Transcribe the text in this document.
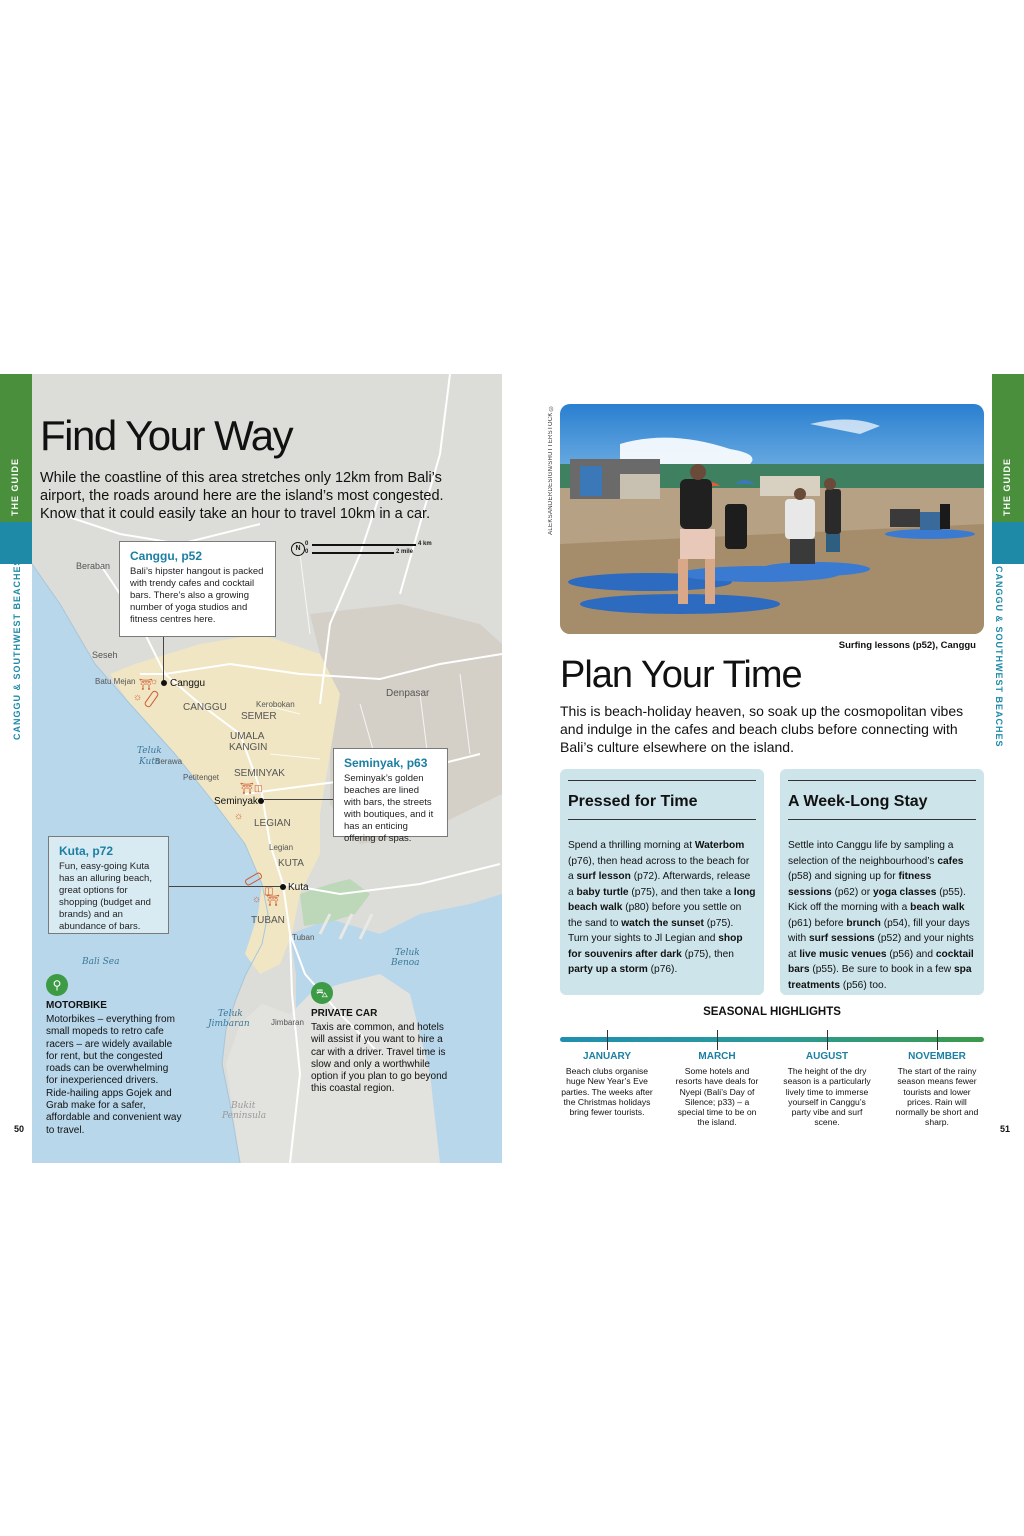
THE GUIDE
CANGGU & SOUTHWEST BEACHES
Find Your Way
While the coastline of this area stretches only 12km from Bali’s airport, the roads around here are the island’s most congested. Know that it could easily take an hour to travel 10km in a car.
N
0
0
4 km
2 mile
Canggu, p52
Bali’s hipster hangout is packed with trendy cafes and cocktail bars. There’s also a growing number of yoga studios and fitness centres here.
Seminyak, p63
Seminyak’s golden beaches are lined with bars, the streets with boutiques, and it has an enticing offering of spas.
Kuta, p72
Fun, easy-going Kuta has an alluring beach, great options for shopping (budget and brands) and an abundance of bars.
Beraban
Seseh
Batu Mejan	Canggu
CANGGU	Kerobokan
SEMER
Denpasar
Berawa
UMALA
KANGIN
Teluk
Kuta
Petitenget SEMINYAK
Seminyak
LEGIAN
Legian
KUTA
Kuta
TUBAN
Tuban
Bali Sea
Teluk
Benoa
Teluk
Jimbaran	Jimbaran
Bukit
Peninsula
⛩
☼
☼
⛩ ◫
☼
◫
☼ ⛩
⚲
MOTORBIKE
Motorbikes – everything from small mopeds to retro cafe racers – are widely available for rent, but the congested roads can be overwhelming for inexperienced drivers. Ride-hailing apps Gojek and Grab make for a safer, affordable and convenient way to travel.
⛍
PRIVATE CAR
Taxis are common, and hotels will assist if you want to hire a car with a driver. Travel time is slow and only a worthwhile option if you plan to go beyond this coastal region.
50
THE GUIDE
CANGGU & SOUTHWEST BEACHES
ALEKSANDERDESIGN/SHUTTERSTOCK ©
Surfing lessons (p52), Canggu
Plan Your Time
This is beach-holiday heaven, so soak up the cosmopolitan vibes and indulge in the cafes and beach clubs before connecting with Bali’s culture elsewhere on the island.
Pressed for Time

Spend a thrilling morning at Waterbom (p76), then head across to the beach for a surf lesson (p72). Afterwards, release a baby turtle (p75), and then take a long beach walk (p80) before you settle on the sand to watch the sunset (p75). Turn your sights to Jl Legian and shop for souvenirs after dark (p75), then party up a storm (p76).

A Week-Long Stay

Settle into Canggu life by sampling a selection of the neighbourhood’s cafes (p58) and signing up for fitness sessions (p62) or yoga classes (p55). Kick off the morning with a beach walk (p61) before brunch (p54), fill your days with surf sessions (p52) and your nights at live music venues (p56) and cocktail bars (p55). Be sure to book in a few spa treatments (p56) too.

SEASONAL HIGHLIGHTS
JANUARY
Beach clubs organise huge New Year’s Eve parties. The weeks after the Christmas holidays bring fewer tourists.
MARCH
Some hotels and resorts have deals for Nyepi (Bali’s Day of Silence; p33) – a special time to be on the island.
AUGUST
The height of the dry season is a particularly lively time to immerse yourself in Canggu’s party vibe and surf scene.
NOVEMBER
The start of the rainy season means fewer tourists and lower prices. Rain will normally be short and sharp.
51
